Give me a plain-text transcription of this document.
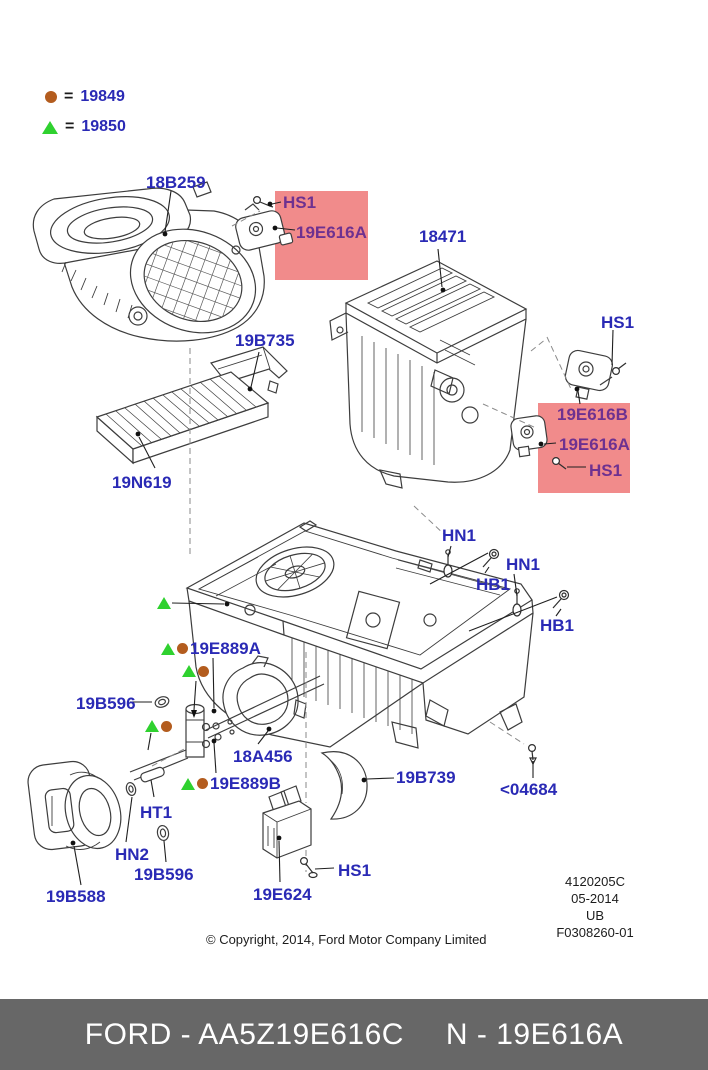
= 19849
= 19850
18B259
HS1
19E616A	18471
HS1
19E616B
19E616A
HS1
19B735
19N619
HN1
HB1
HN1
HB1
19E889A
19B596
18A456
19E889B
HT1
HN2
19B596
19B588	19E624
HS1
19B739
<04684
4120205C
05-2014
UB
F0308260-01
© Copyright, 2014, Ford Motor Company Limited
FORD - AA5Z19E616C N - 19E616A
